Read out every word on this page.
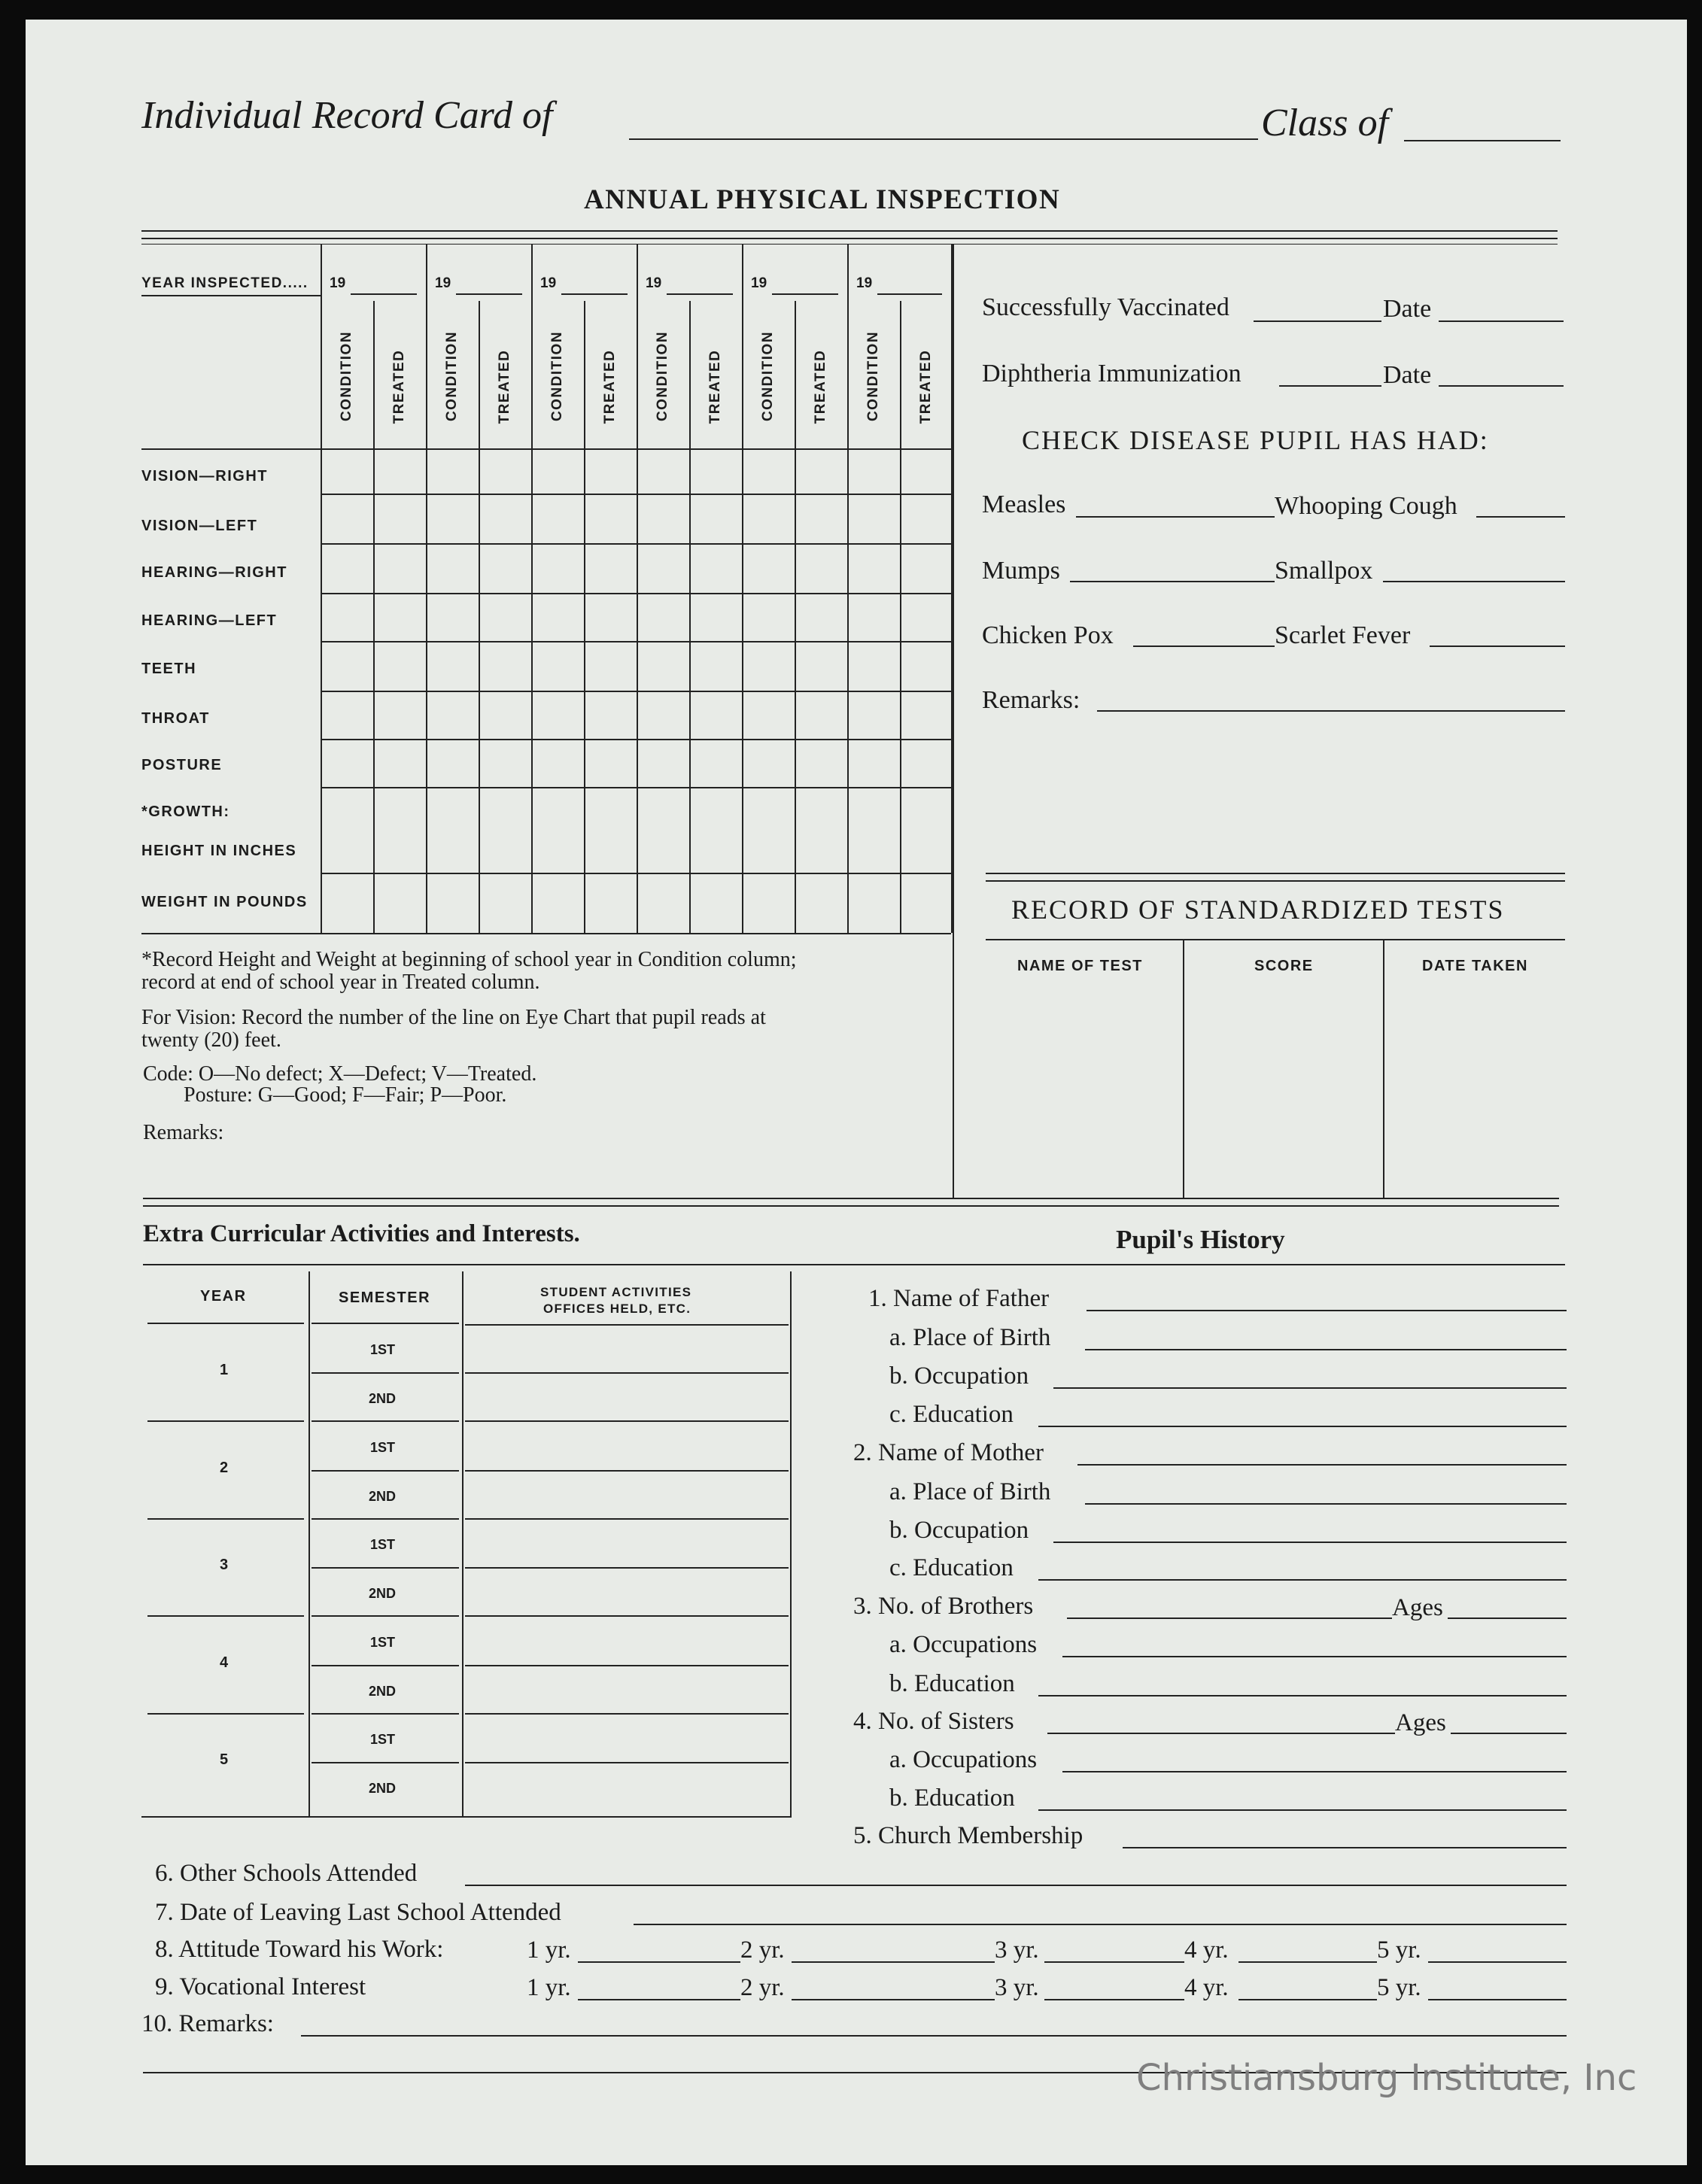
Individual Record Card of	Class of
ANNUAL PHYSICAL INSPECTION
YEAR INSPECTED..... 19	19	19	19	19	19
CONDITION	TREATED	CONDITION	TREATED	CONDITION	TREATED	CONDITION	TREATED	CONDITION	TREATED	CONDITION	TREATED
VISION—RIGHT
VISION—LEFT
HEARING—RIGHT
HEARING—LEFT
TEETH
THROAT
POSTURE
*GROWTH:
HEIGHT IN INCHES
WEIGHT IN POUNDS
*Record Height and Weight at beginning of school year in Condition column;
record at end of school year in Treated column.
For Vision: Record the number of the line on Eye Chart that pupil reads at
twenty (20) feet.
Code: O—No defect; X—Defect; V—Treated.
Posture: G—Good; F—Fair; P—Poor.
Remarks:
Successfully Vaccinated	Date
Diphtheria Immunization	Date
CHECK DISEASE PUPIL HAS HAD:
Measles	Whooping Cough
Mumps	Smallpox
Chicken Pox	Scarlet Fever
Remarks:
RECORD OF STANDARDIZED TESTS
NAME OF TEST	SCORE	DATE TAKEN
Extra Curricular Activities and Interests.
YEAR	SEMESTER	STUDENT ACTIVITIES
OFFICES HELD, ETC.
1
1ST
2ND
2
1ST
2ND
3
1ST
2ND
4
1ST
2ND
5
1ST
2ND
Pupil's History
1. Name of Father
a. Place of Birth
b. Occupation
c. Education
2. Name of Mother
a. Place of Birth
b. Occupation
c. Education
3. No. of Brothers	Ages
a. Occupations
b. Education
4. No. of Sisters	Ages
a. Occupations
b. Education
5. Church Membership
6. Other Schools Attended
7. Date of Leaving Last School Attended
8. Attitude Toward his Work:	1 yr.	2 yr.	3 yr.	4 yr.	5 yr.
9. Vocational Interest	1 yr.	2 yr.	3 yr.	4 yr.	5 yr.
10. Remarks:
Christiansburg Institute, Inc
